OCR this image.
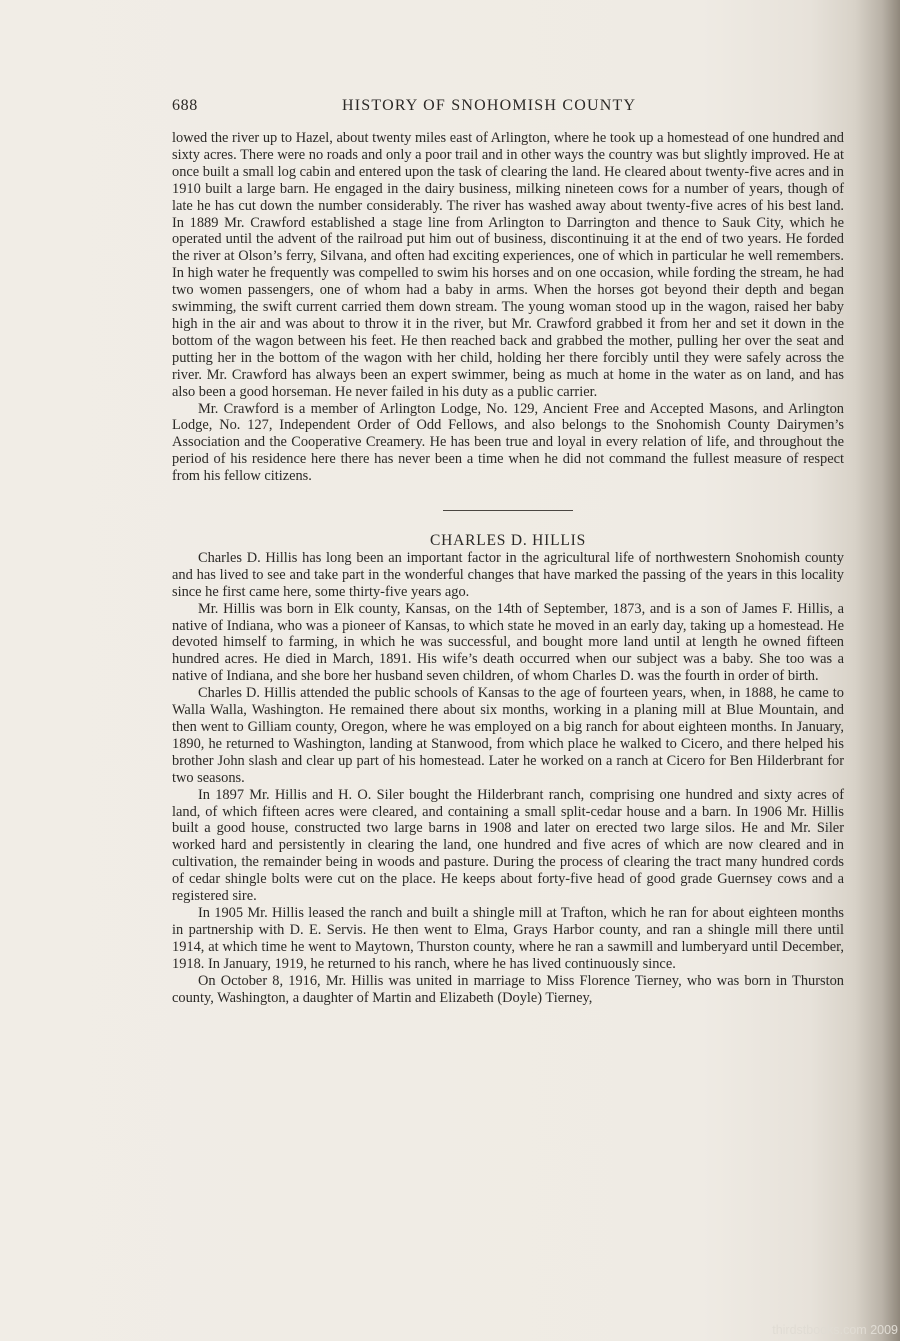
688	HISTORY OF SNOHOMISH COUNTY

lowed the river up to Hazel, about twenty miles east of Arlington, where he took up a homestead of one hundred and sixty acres. There were no roads and only a poor trail and in other ways the country was but slightly improved. He at once built a small log cabin and entered upon the task of clearing the land. He cleared about twenty-five acres and in 1910 built a large barn. He engaged in the dairy business, milking nineteen cows for a number of years, though of late he has cut down the number considerably. The river has washed away about twenty-five acres of his best land. In 1889 Mr. Crawford established a stage line from Arlington to Darrington and thence to Sauk City, which he operated until the advent of the railroad put him out of business, discontinuing it at the end of two years. He forded the river at Olson’s ferry, Silvana, and often had exciting experiences, one of which in particular he well remembers. In high water he frequently was compelled to swim his horses and on one occasion, while fording the stream, he had two women passengers, one of whom had a baby in arms. When the horses got beyond their depth and began swimming, the swift current carried them down stream. The young woman stood up in the wagon, raised her baby high in the air and was about to throw it in the river, but Mr. Crawford grabbed it from her and set it down in the bottom of the wagon between his feet. He then reached back and grabbed the mother, pulling her over the seat and putting her in the bottom of the wagon with her child, holding her there forcibly until they were safely across the river. Mr. Crawford has always been an expert swimmer, being as much at home in the water as on land, and has also been a good horseman. He never failed in his duty as a public carrier.

Mr. Crawford is a member of Arlington Lodge, No. 129, Ancient Free and Accepted Masons, and Arlington Lodge, No. 127, Independent Order of Odd Fellows, and also belongs to the Snohomish County Dairymen’s Association and the Cooperative Creamery. He has been true and loyal in every relation of life, and throughout the period of his residence here there has never been a time when he did not command the fullest measure of respect from his fellow citizens.

CHARLES D. HILLIS

Charles D. Hillis has long been an important factor in the agricultural life of northwestern Snohomish county and has lived to see and take part in the wonderful changes that have marked the passing of the years in this locality since he first came here, some thirty-five years ago.

Mr. Hillis was born in Elk county, Kansas, on the 14th of September, 1873, and is a son of James F. Hillis, a native of Indiana, who was a pioneer of Kansas, to which state he moved in an early day, taking up a homestead. He devoted himself to farming, in which he was successful, and bought more land until at length he owned fifteen hundred acres. He died in March, 1891. His wife’s death occurred when our subject was a baby. She too was a native of Indiana, and she bore her husband seven children, of whom Charles D. was the fourth in order of birth.

Charles D. Hillis attended the public schools of Kansas to the age of fourteen years, when, in 1888, he came to Walla Walla, Washington. He remained there about six months, working in a planing mill at Blue Mountain, and then went to Gilliam county, Oregon, where he was employed on a big ranch for about eighteen months. In January, 1890, he returned to Washington, landing at Stanwood, from which place he walked to Cicero, and there helped his brother John slash and clear up part of his homestead. Later he worked on a ranch at Cicero for Ben Hilderbrant for two seasons.

In 1897 Mr. Hillis and H. O. Siler bought the Hilderbrant ranch, comprising one hundred and sixty acres of land, of which fifteen acres were cleared, and containing a small split-cedar house and a barn. In 1906 Mr. Hillis built a good house, constructed two large barns in 1908 and later on erected two large silos. He and Mr. Siler worked hard and persistently in clearing the land, one hundred and five acres of which are now cleared and in cultivation, the remainder being in woods and pasture. During the process of clearing the tract many hundred cords of cedar shingle bolts were cut on the place. He keeps about forty-five head of good grade Guernsey cows and a registered sire.

In 1905 Mr. Hillis leased the ranch and built a shingle mill at Trafton, which he ran for about eighteen months in partnership with D. E. Servis. He then went to Elma, Grays Harbor county, and ran a shingle mill there until 1914, at which time he went to Maytown, Thurston county, where he ran a sawmill and lumberyard until December, 1918. In January, 1919, he returned to his ranch, where he has lived continuously since.

On October 8, 1916, Mr. Hillis was united in marriage to Miss Florence Tierney, who was born in Thurston county, Washington, a daughter of Martin and Elizabeth (Doyle) Tierney,

thirdstbooks.com 2009
